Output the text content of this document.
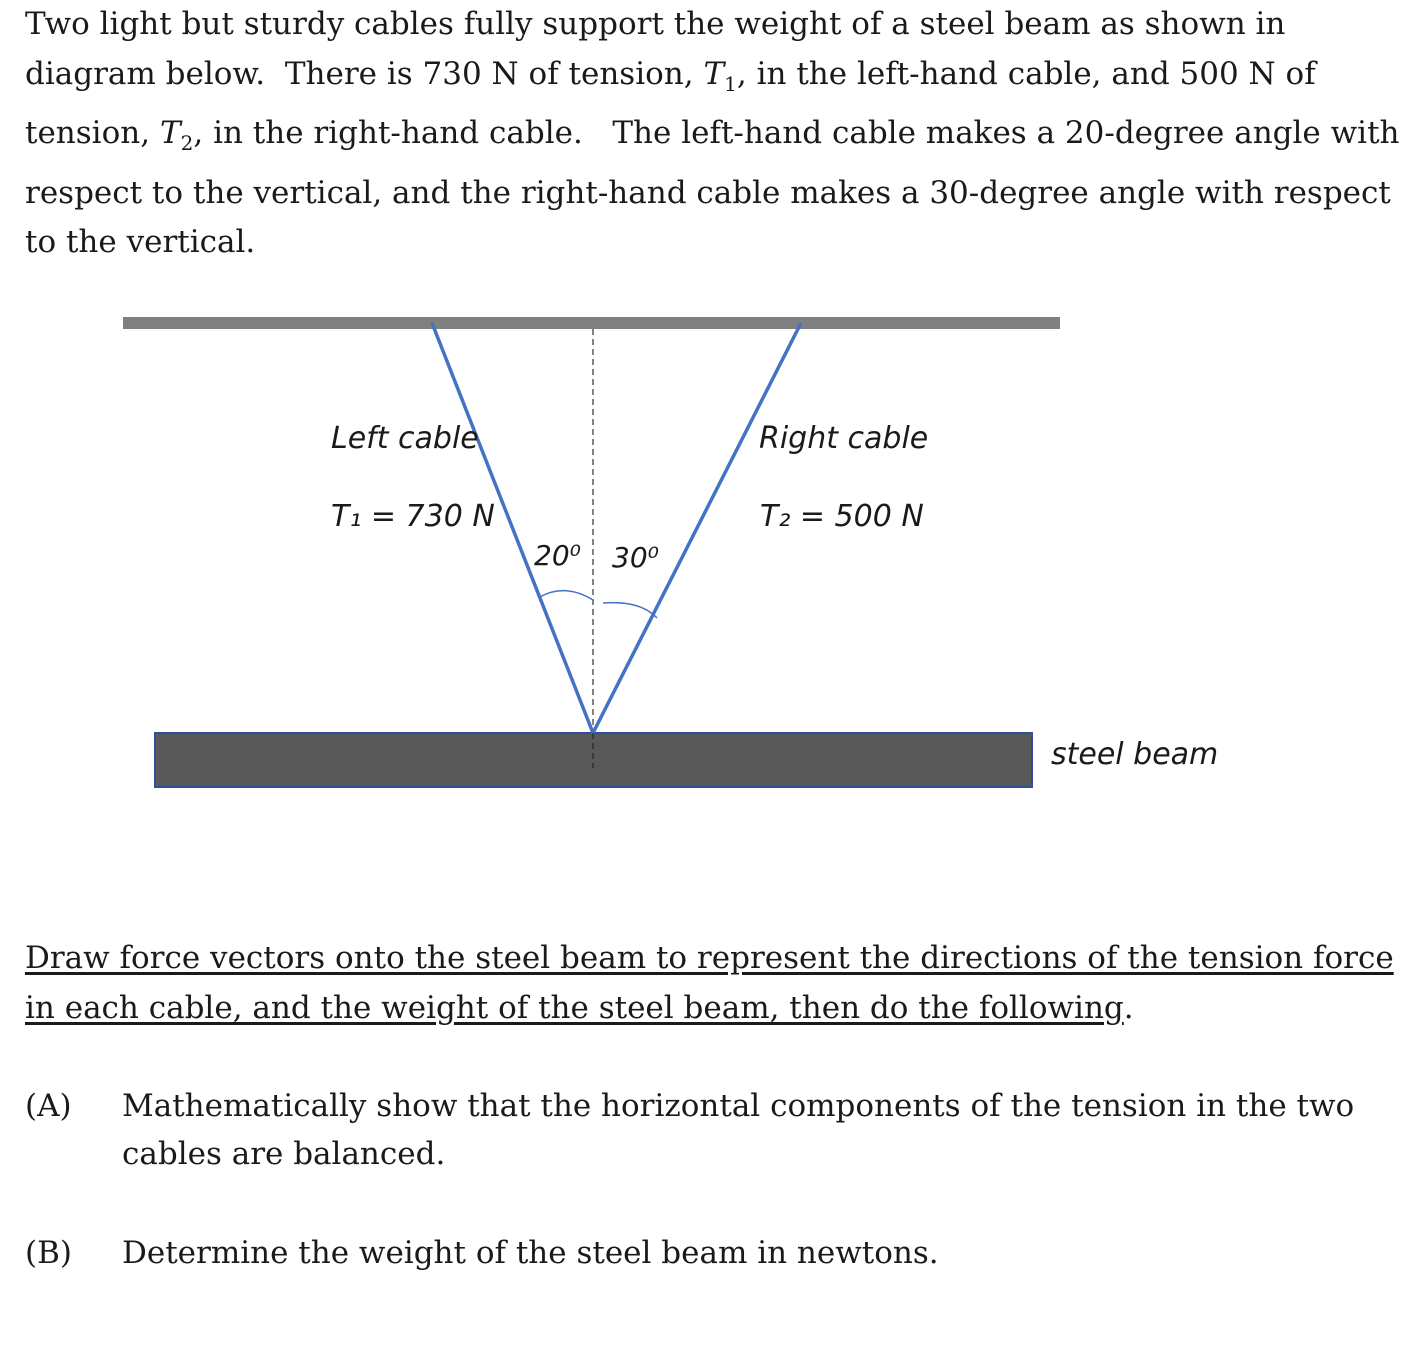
Two light but sturdy cables fully support the weight of a steel beam as shown in diagram below. There is 730 N of tension, $T_1$, in the left-hand cable, and 500 N of tension, $T_2$, in the right-hand cable. The left-hand cable makes a 20-degree angle with respect to the vertical, and the right-hand cable makes a 30-degree angle with respect to the vertical.

Left cable
T₁ = 730 N
Right cable
T₂ = 500 N
20⁰ 30⁰
steel beam

Draw force vectors onto the steel beam to represent the directions of the tension force in each cable, and the weight of the steel beam, then do the following.

(A) Mathematically show that the horizontal components of the tension in the two cables are balanced.
(B) Determine the weight of the steel beam in newtons.
